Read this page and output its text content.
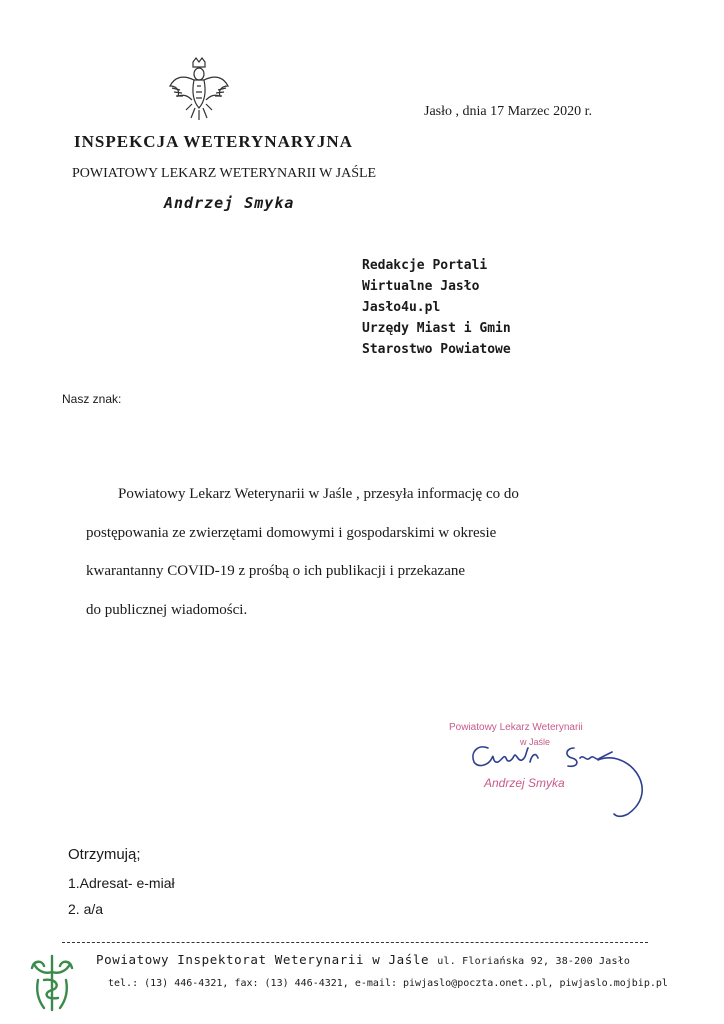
Jasło , dnia 17 Marzec 2020 r.
INSPEKCJA WETERYNARYJNA
POWIATOWY LEKARZ WETERYNARII W JAŚLE
Andrzej Smyka
Redakcje Portali
Wirtualne Jasło
Jasło4u.pl
Urzędy Miast i Gmin
Starostwo Powiatowe
Nasz znak:
Powiatowy Lekarz Weterynarii w Jaśle , przesyła informację co do
postępowania ze zwierzętami domowymi i gospodarskimi w okresie
kwarantanny COVID-19 z prośbą o ich publikacji i przekazane
do publicznej wiadomości.
Powiatowy Lekarz Weterynarii
w Jaśle
Andrzej Smyka
Otrzymują;
1.Adresat- e-miał
2. a/a
Powiatowy Inspektorat Weterynarii w Jaśle ul. Floriańska 92, 38-200 Jasło
tel.: (13) 446-4321, fax: (13) 446-4321, e-mail: piwjaslo@poczta.onet..pl, piwjaslo.mojbip.pl
